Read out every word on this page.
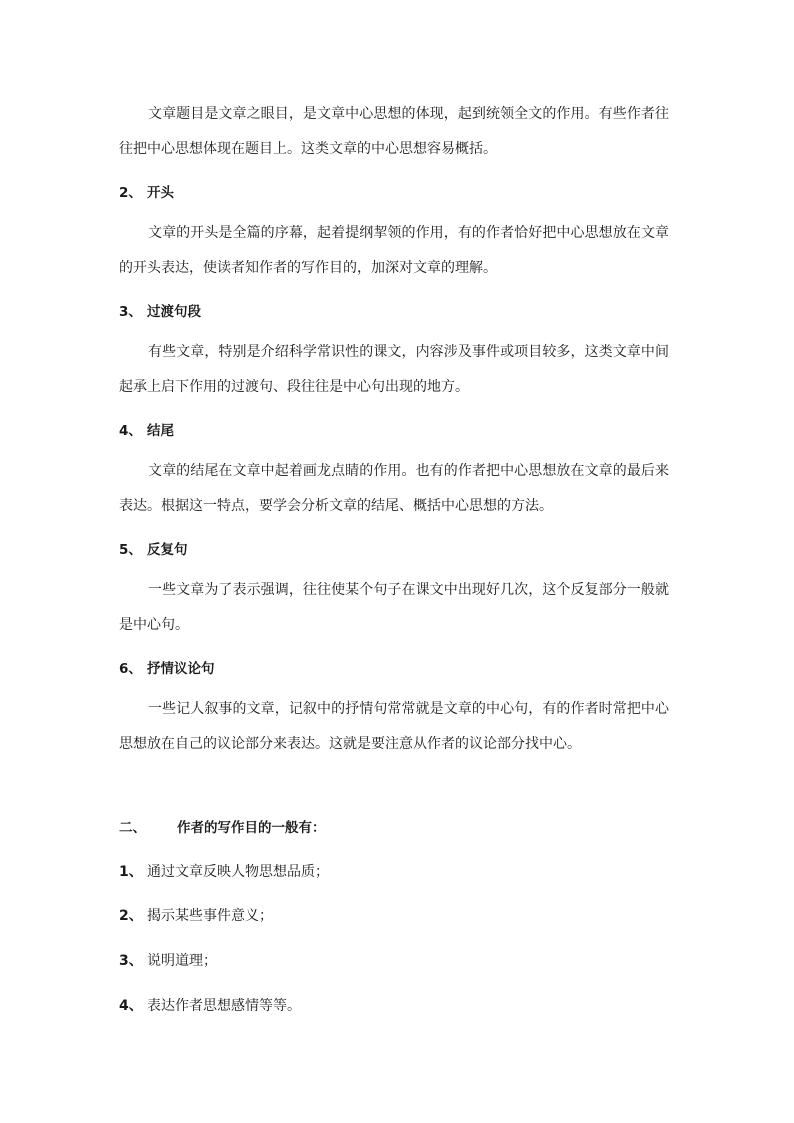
文章题目是文章之眼目，是文章中心思想的体现，起到统领全文的作用。有些作者往往把中心思想体现在题目上。这类文章的中心思想容易概括。

2、 开头

文章的开头是全篇的序幕，起着提纲挈领的作用，有的作者恰好把中心思想放在文章的开头表达，使读者知作者的写作目的，加深对文章的理解。

3、 过渡句段

有些文章，特别是介绍科学常识性的课文，内容涉及事件或项目较多，这类文章中间起承上启下作用的过渡句、段往往是中心句出现的地方。

4、 结尾

文章的结尾在文章中起着画龙点睛的作用。也有的作者把中心思想放在文章的最后来表达。根据这一特点，要学会分析文章的结尾、概括中心思想的方法。

5、 反复句

一些文章为了表示强调，往往使某个句子在课文中出现好几次，这个反复部分一般就是中心句。

6、 抒情议论句

一些记人叙事的文章，记叙中的抒情句常常就是文章的中心句，有的作者时常把中心思想放在自己的议论部分来表达。这就是要注意从作者的议论部分找中心。

二、 作者的写作目的一般有：

1、 通过文章反映人物思想品质；

2、 揭示某些事件意义；

3、 说明道理；

4、 表达作者思想感情等等。
